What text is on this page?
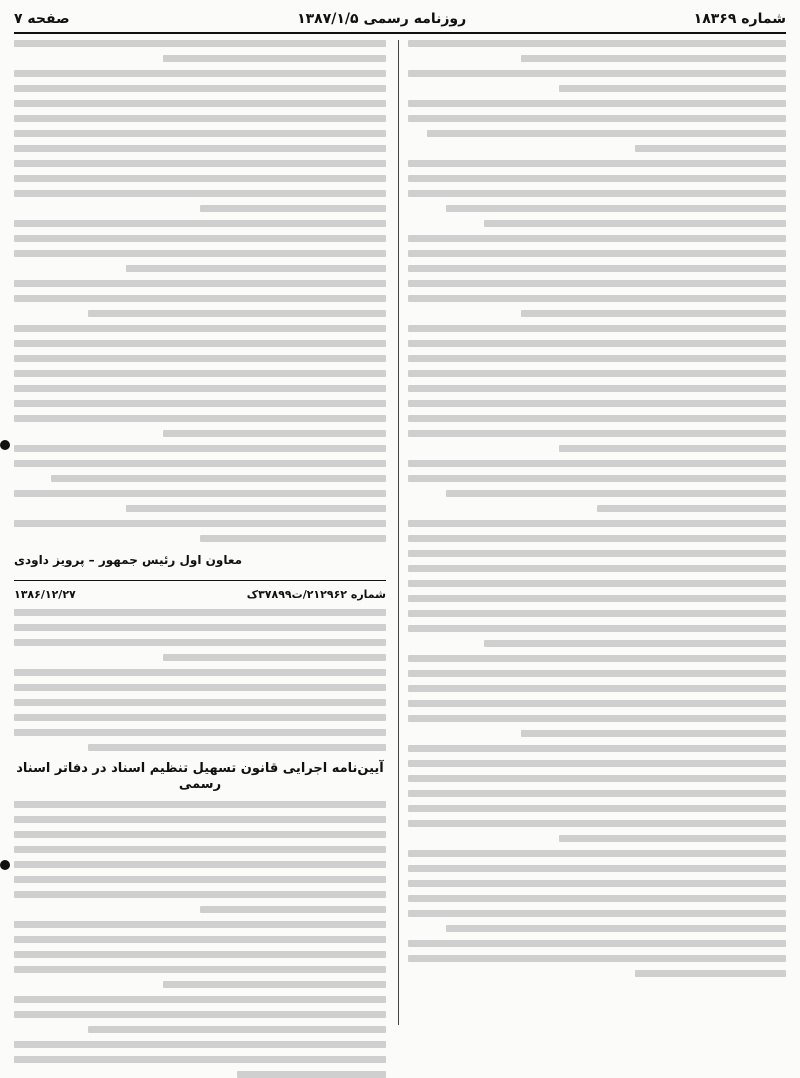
شماره ۱۸۳۶۹
روزنامه رسمی ۱۳۸۷/۱/۵
صفحه ۷
معاون اول رئیس جمهور – پرویز داودی
شماره ۲۱۲۹۶۲/ت۳۷۸۹۹ک
۱۳۸۶/۱۲/۲۷
آیین‌نامه اجرایی قانون تسهیل تنظیم اسناد در دفاتر اسناد رسمی
